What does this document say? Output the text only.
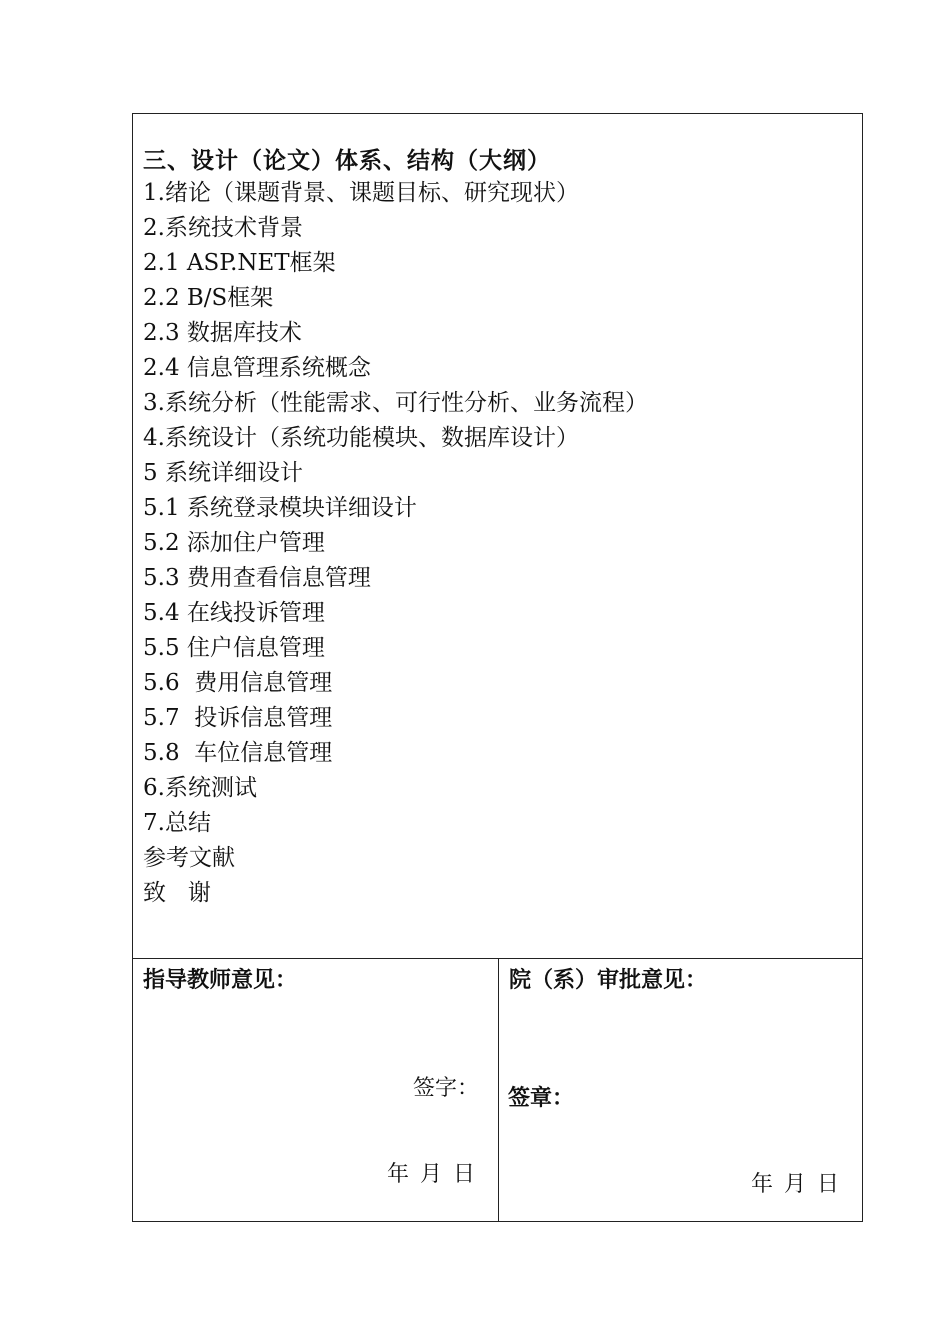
三、设计（论文）体系、结构（大纲）
1.绪论（课题背景、课题目标、研究现状）
2.系统技术背景
2.1 ASP.NET框架
2.2 B/S框架
2.3 数据库技术
2.4 信息管理系统概念
3.系统分析（性能需求、可行性分析、业务流程）
4.系统设计（系统功能模块、数据库设计）
5 系统详细设计
5.1 系统登录模块详细设计
5.2 添加住户管理
5.3 费用查看信息管理
5.4 在线投诉管理
5.5 住户信息管理
5.6  费用信息管理
5.7  投诉信息管理
5.8  车位信息管理
6.系统测试
7.总结
参考文献
致   谢
指导教师意见：
签字：
年 月 日
院（系）审批意见：
签章：
年 月 日
